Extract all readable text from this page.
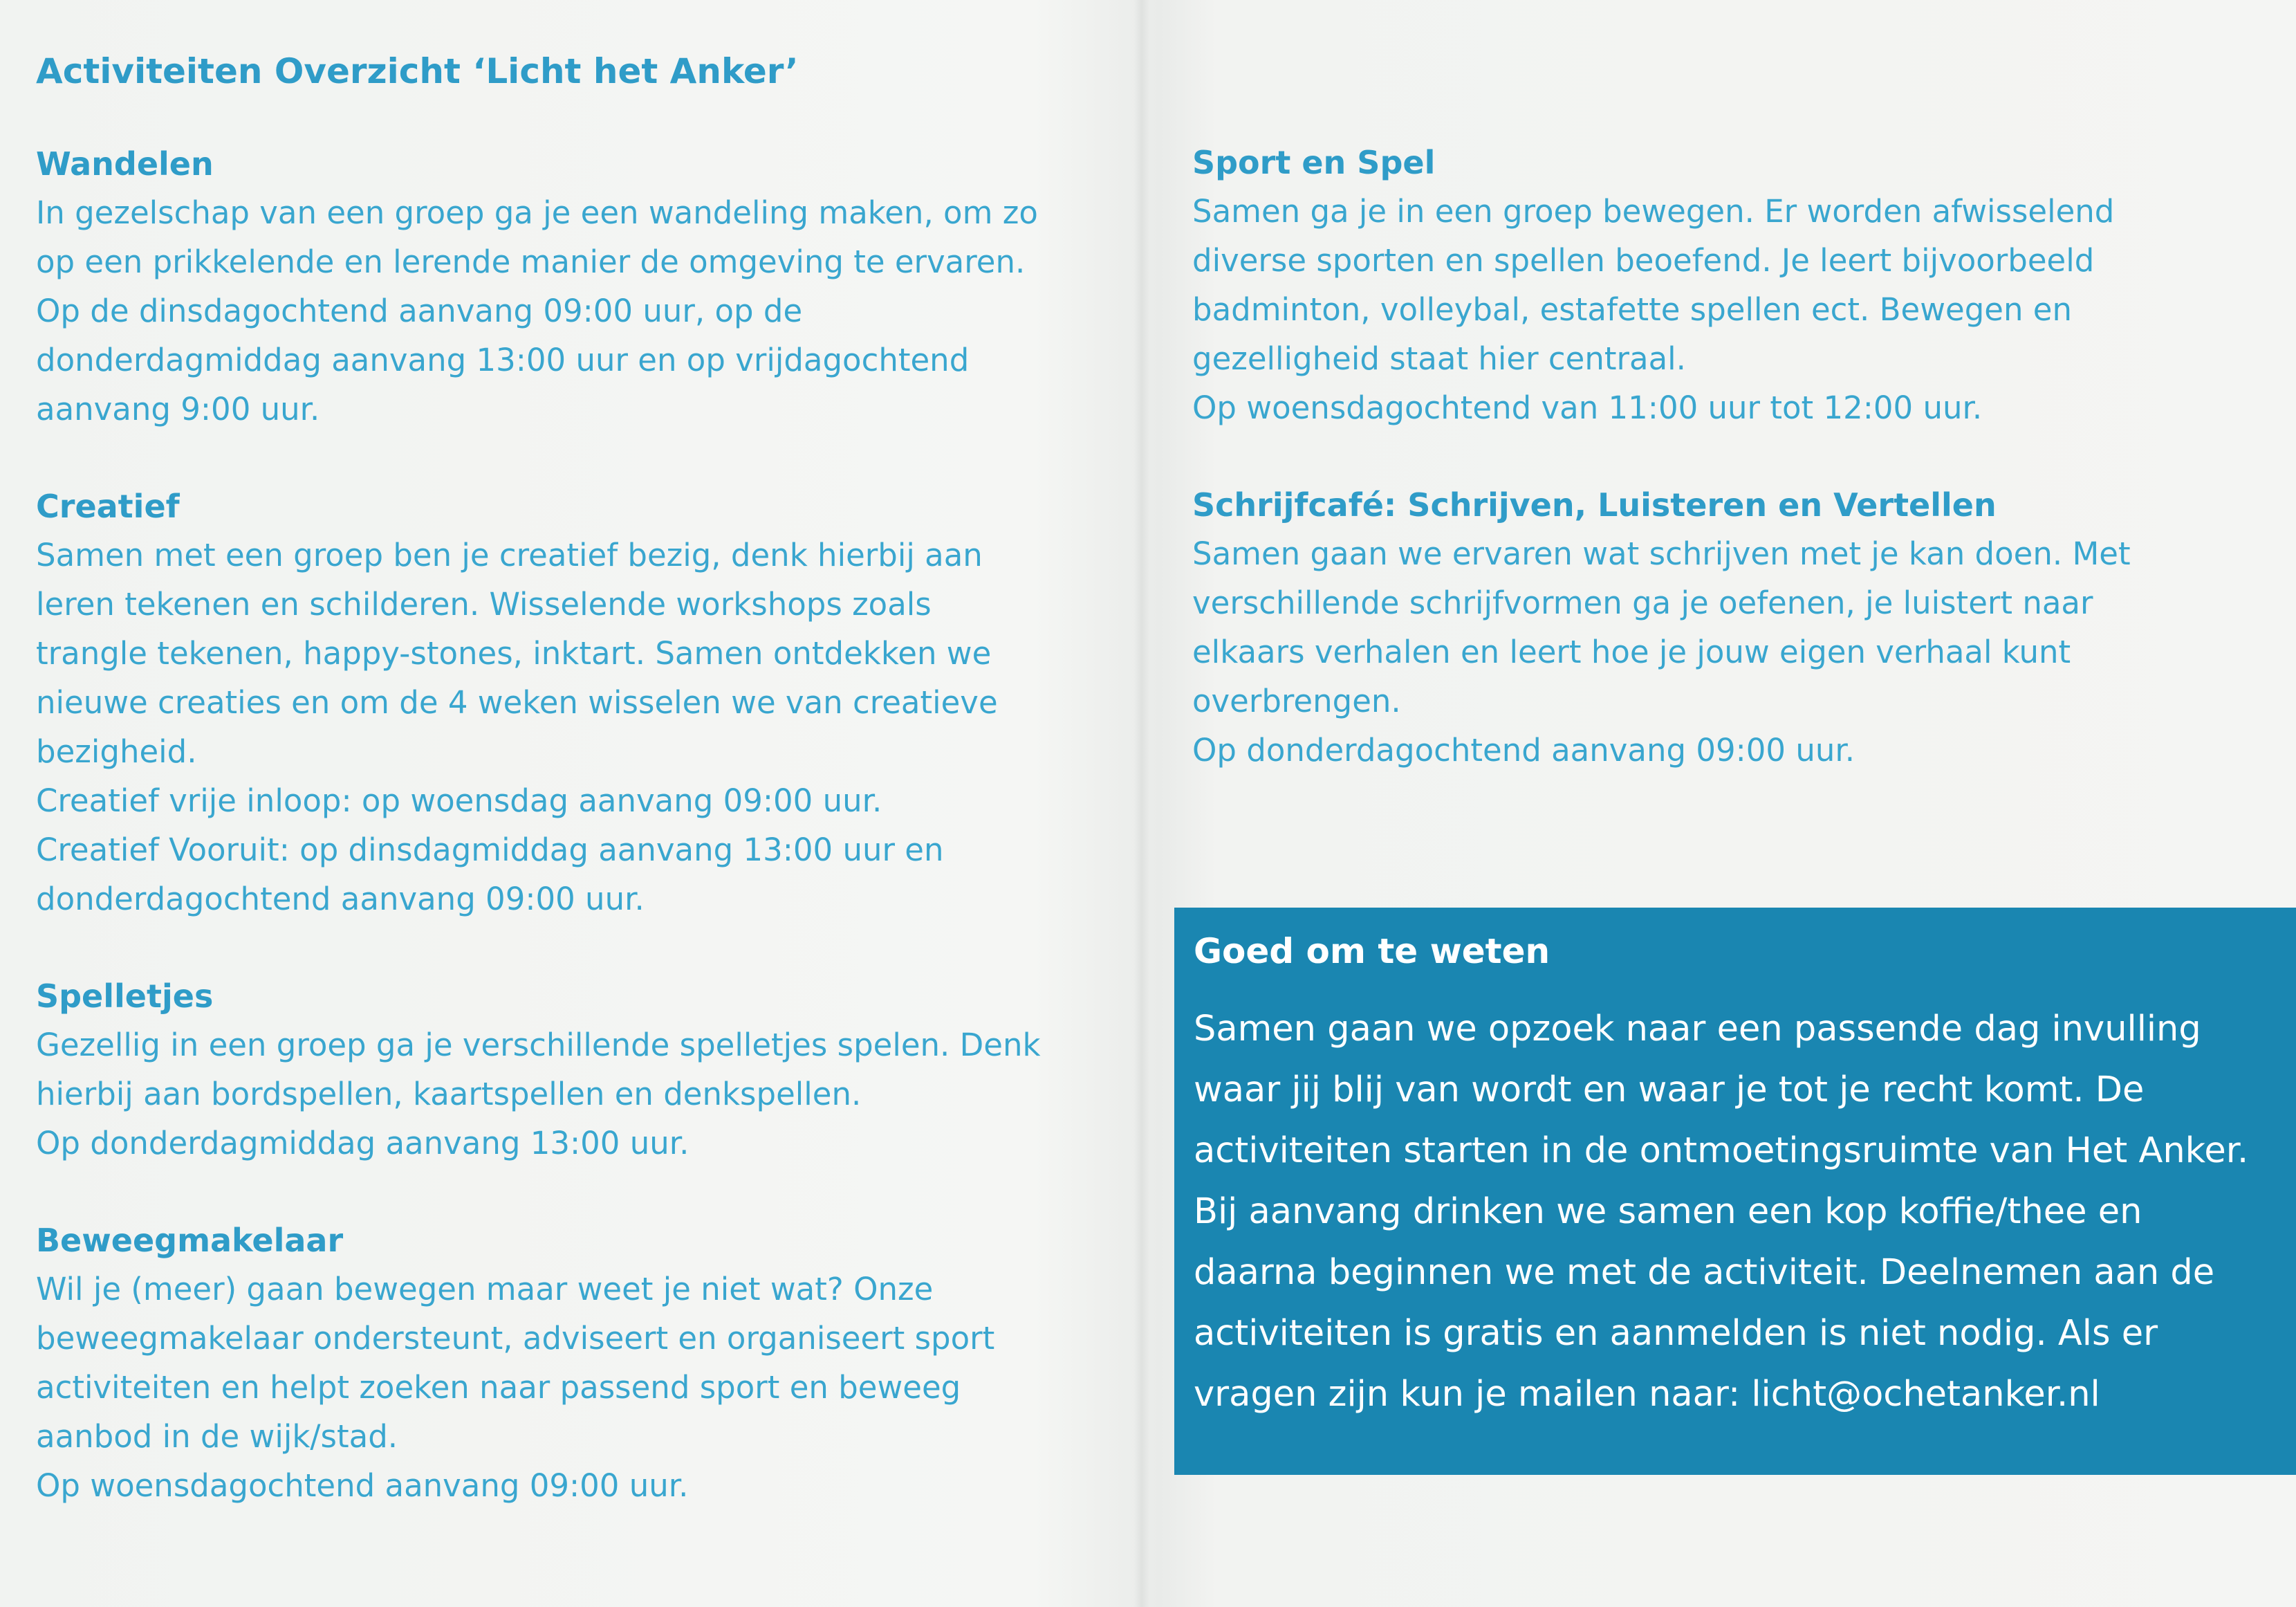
Activiteiten Overzicht ‘Licht het Anker’
Wandelen

In gezelschap van een groep ga je een wandeling maken, om zo

op een prikkelende en lerende manier de omgeving te ervaren.

Op de dinsdagochtend aanvang 09:00 uur, op de

donderdagmiddag aanvang 13:00 uur en op vrijdagochtend

aanvang 9:00 uur.

Creatief

Samen met een groep ben je creatief bezig, denk hierbij aan

leren tekenen en schilderen. Wisselende workshops zoals

trangle tekenen, happy-stones, inktart. Samen ontdekken we

nieuwe creaties en om de 4 weken wisselen we van creatieve

bezigheid.

Creatief vrije inloop: op woensdag aanvang 09:00 uur.

Creatief Vooruit: op dinsdagmiddag aanvang 13:00 uur en

donderdagochtend aanvang 09:00 uur.

Spelletjes

Gezellig in een groep ga je verschillende spelletjes spelen. Denk

hierbij aan bordspellen, kaartspellen en denkspellen.

Op donderdagmiddag aanvang 13:00 uur.

Beweegmakelaar

Wil je (meer) gaan bewegen maar weet je niet wat? Onze

beweegmakelaar ondersteunt, adviseert en organiseert sport

activiteiten en helpt zoeken naar passend sport en beweeg

aanbod in de wijk/stad.

Op woensdagochtend aanvang 09:00 uur.

Sport en Spel

Samen ga je in een groep bewegen. Er worden afwisselend

diverse sporten en spellen beoefend. Je leert bijvoorbeeld

badminton, volleybal, estafette spellen ect. Bewegen en

gezelligheid staat hier centraal.

Op woensdagochtend van 11:00 uur tot 12:00 uur.

Schrijfcafé: Schrijven, Luisteren en Vertellen

Samen gaan we ervaren wat schrijven met je kan doen. Met

verschillende schrijfvormen ga je oefenen, je luistert naar

elkaars verhalen en leert hoe je jouw eigen verhaal kunt

overbrengen.

Op donderdagochtend aanvang 09:00 uur.

Goed om te weten

Samen gaan we opzoek naar een passende dag invulling

waar jij blij van wordt en waar je tot je recht komt. De

activiteiten starten in de ontmoetingsruimte van Het Anker.

Bij aanvang drinken we samen een kop koffie/thee en

daarna beginnen we met de activiteit. Deelnemen aan de

activiteiten is gratis en aanmelden is niet nodig. Als er

vragen zijn kun je mailen naar: licht@ochetanker.nl
